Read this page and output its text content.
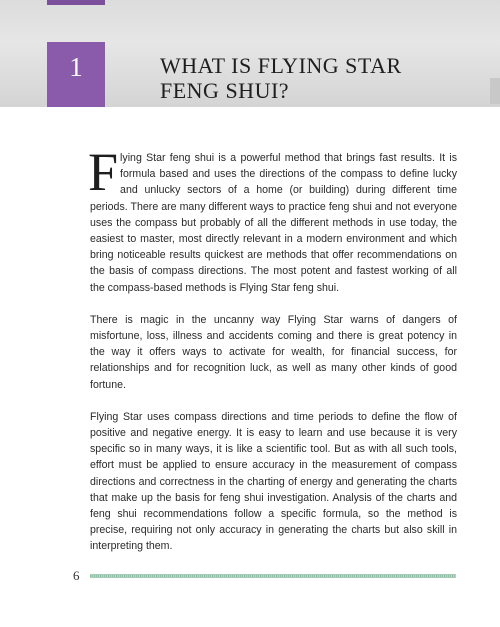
1	WHAT IS FLYING STAR FENG SHUI?

Flying Star feng shui is a powerful method that brings fast results. It is formula based and uses the directions of the compass to define lucky and unlucky sectors of a home (or building) during different time periods. There are many different ways to practice feng shui and not everyone uses the compass but probably of all the different methods in use today, the easiest to master, most directly relevant in a modern environment and which bring noticeable results quickest are methods that offer recommendations on the basis of compass directions. The most potent and fastest working of all the compass-based methods is Flying Star feng shui.

There is magic in the uncanny way Flying Star warns of dangers of misfortune, loss, illness and accidents coming and there is great potency in the way it offers ways to activate for wealth, for financial success, for relationships and for recognition luck, as well as many other kinds of good fortune.

Flying Star uses compass directions and time periods to define the flow of positive and negative energy. It is easy to learn and use because it is very specific so in many ways, it is like a scientific tool. But as with all such tools, effort must be applied to ensure accuracy in the measurement of compass directions and correctness in the charting of energy and generating the charts that make up the basis for feng shui investigation. Analysis of the charts and feng shui recommendations follow a specific formula, so the method is precise, requiring not only accuracy in generating the charts but also skill in interpreting them.

6
